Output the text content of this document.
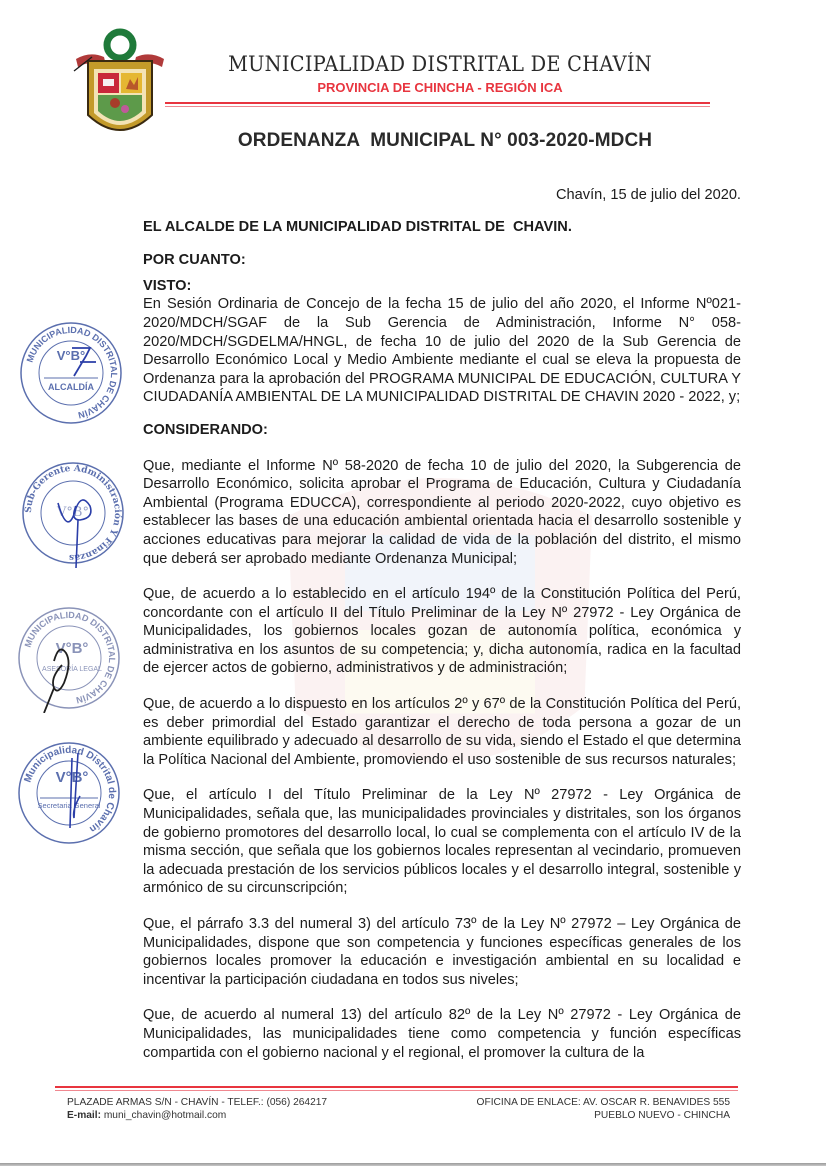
MUNICIPALIDAD DISTRITAL DE CHAVÍN
PROVINCIA DE CHINCHA - REGIÓN ICA
ORDENANZA  MUNICIPAL N° 003-2020-MDCH

Chavín, 15 de julio del 2020.

EL ALCALDE DE LA MUNICIPALIDAD DISTRITAL DE  CHAVIN.

POR CUANTO:

VISTO:

En Sesión Ordinaria de Concejo de la fecha 15 de julio del año 2020, el Informe Nº021-2020/MDCH/SGAF de la Sub Gerencia de Administración, Informe N° 058-2020/MDCH/SGDELMA/HNGL, de fecha 10 de julio del 2020 de la Sub Gerencia de Desarrollo Económico Local y Medio Ambiente mediante el cual se eleva la propuesta de Ordenanza para la aprobación del PROGRAMA MUNICIPAL DE EDUCACIÓN, CULTURA Y CIUDADANÍA AMBIENTAL DE LA MUNICIPALIDAD DISTRITAL DE CHAVIN 2020 - 2022, y;

CONSIDERANDO:

Que, mediante el Informe Nº 58-2020 de fecha 10 de julio del 2020, la Subgerencia de Desarrollo Económico, solicita aprobar el Programa de Educación, Cultura y Ciudadanía Ambiental (Programa EDUCCA), correspondiente al periodo 2020-2022, cuyo objetivo es establecer las bases de una educación ambiental orientada hacia el desarrollo sostenible y acciones educativas para mejorar la calidad de vida de la población del distrito, el mismo que deberá ser aprobado mediante Ordenanza Municipal;

Que, de acuerdo a lo establecido en el artículo 194º de la Constitución Política del Perú, concordante con el artículo II del Título Preliminar de la Ley Nº 27972 - Ley Orgánica de Municipalidades, los gobiernos locales gozan de autonomía política, económica y administrativa en los asuntos de su competencia; y, dicha autonomía, radica en la facultad de ejercer actos de gobierno, administrativos y de administración;

Que, de acuerdo a lo dispuesto en los artículos 2º y 67º de la Constitución Política del Perú, es deber primordial del Estado garantizar el derecho de toda persona a gozar de un ambiente equilibrado y adecuado al desarrollo de su vida, siendo el Estado el que determina la Política Nacional del Ambiente, promoviendo el uso sostenible de sus recursos naturales;

Que, el artículo I del Título Preliminar de la Ley Nº 27972 - Ley Orgánica de Municipalidades, señala que, las municipalidades provinciales y distritales, son los órganos de gobierno promotores del desarrollo local, lo cual se complementa con el artículo IV de la misma sección, que señala que los gobiernos locales representan al vecindario, promueven la adecuada prestación de los servicios públicos locales y el desarrollo integral, sostenible y armónico de su circunscripción;

Que, el párrafo 3.3 del numeral 3) del artículo 73º de la Ley Nº 27972 – Ley Orgánica de Municipalidades, dispone que son competencia y funciones específicas generales de los gobiernos locales promover la educación e investigación ambiental en su localidad e incentivar la participación ciudadana en todos sus niveles;

Que, de acuerdo al numeral 13) del artículo 82º de la Ley Nº 27972 - Ley Orgánica de Municipalidades, las municipalidades tiene como competencia y función específicas compartida con el gobierno nacional y el regional, el promover la cultura de la

MUNICIPALIDAD DISTRITAL DE CHAVÍN
V°B°
ALCALDÍA
Sub-Gerente Administración Y Finanzas
V°B°
MUNICIPALIDAD DISTRITAL DE CHAVÍN
V°B°
ASESORÍA LEGAL
Municipalidad Distrital de Chavín
V°B°
Secretaria General
PLAZADE ARMAS S/N - CHAVÍN - TELEF.: (056) 264217
E-mail: muni_chavin@hotmail.com
OFICINA DE ENLACE: AV. OSCAR R. BENAVIDES 555
PUEBLO NUEVO - CHINCHA
